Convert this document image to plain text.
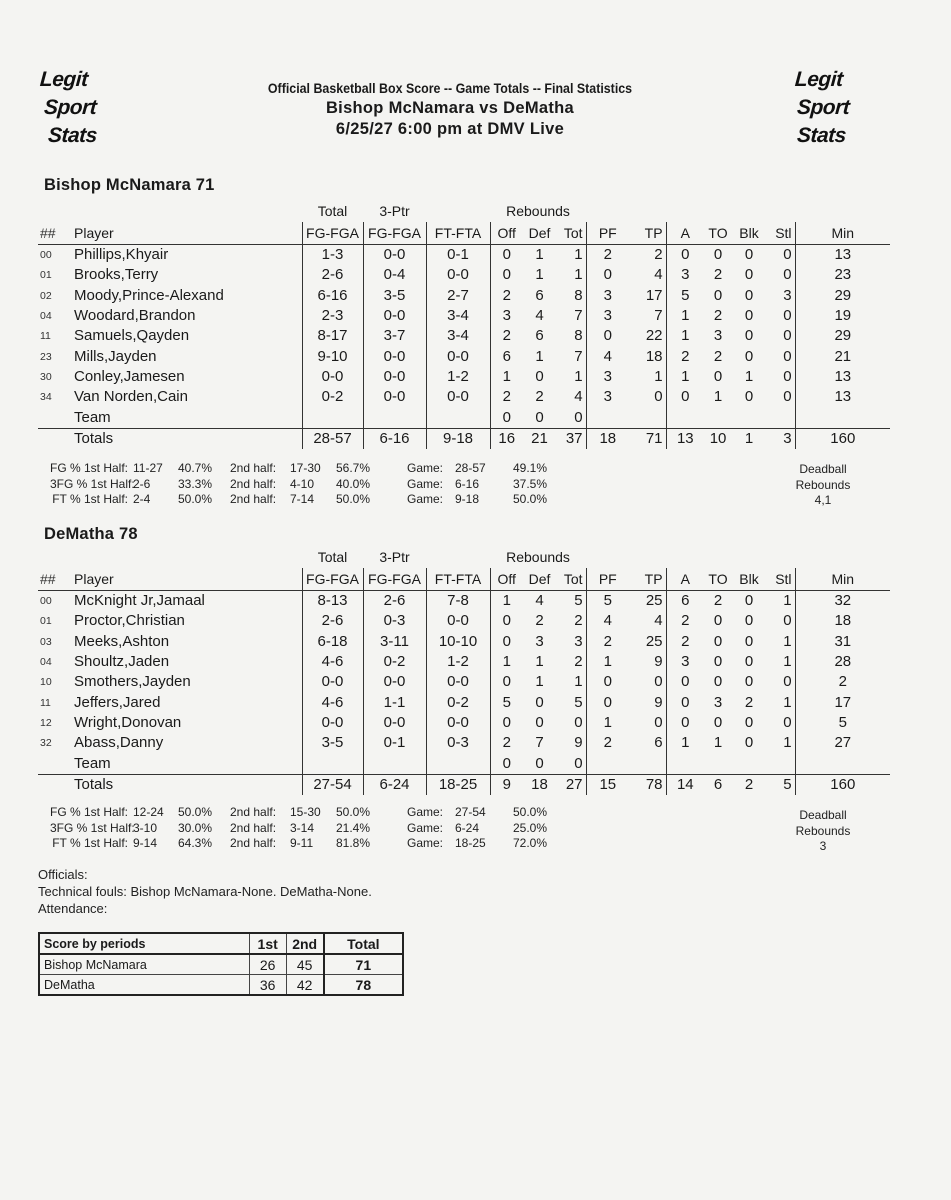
Legit
Sport
Stats
Legit
Sport
Stats
Official Basketball Box Score -- Game Totals -- Final Statistics
Bishop McNamara vs DeMatha
6/25/27 6:00 pm at DMV Live
Bishop McNamara 71
		Total	3-Ptr		Rebounds									
##	Player	FG-FGA	FG-FGA	FT-FTA	Off	Def	Tot	PF	TP	A	TO	Blk	Stl	Min
00	Phillips,Khyair	1-3	0-0	0-1	0	1	1	2	2	0	0	0	0	13
01	Brooks,Terry	2-6	0-4	0-0	0	1	1	0	4	3	2	0	0	23
02	Moody,Prince-Alexand	6-16	3-5	2-7	2	6	8	3	17	5	0	0	3	29
04	Woodard,Brandon	2-3	0-0	3-4	3	4	7	3	7	1	2	0	0	19
11	Samuels,Qayden	8-17	3-7	3-4	2	6	8	0	22	1	3	0	0	29
23	Mills,Jayden	9-10	0-0	0-0	6	1	7	4	18	2	2	0	0	21
30	Conley,Jamesen	0-0	0-0	1-2	1	0	1	3	1	1	0	1	0	13
34	Van Norden,Cain	0-2	0-0	0-0	2	2	4	3	0	0	1	0	0	13
	Team				0	0	0							
	Totals	28-57	6-16	9-18	16	21	37	18	71	13	10	1	3	160
FG % 1st Half: 11-27 40.7% 2nd half: 17-30 56.7%	Game: 28-57 49.1%
3FG % 1st Half:
2-6 33.3% 2nd half: 4-10 40.0%	Game: 6-16	37.5%
FT % 1st Half: 2-4 50.0% 2nd half: 7-14 50.0%	Game: 9-18	50.0%
Deadball
Rebounds
4,1
DeMatha 78
		Total	3-Ptr		Rebounds									
##	Player	FG-FGA	FG-FGA	FT-FTA	Off	Def	Tot	PF	TP	A	TO	Blk	Stl	Min
00	McKnight Jr,Jamaal	8-13	2-6	7-8	1	4	5	5	25	6	2	0	1	32
01	Proctor,Christian	2-6	0-3	0-0	0	2	2	4	4	2	0	0	0	18
03	Meeks,Ashton	6-18	3-11	10-10	0	3	3	2	25	2	0	0	1	31
04	Shoultz,Jaden	4-6	0-2	1-2	1	1	2	1	9	3	0	0	1	28
10	Smothers,Jayden	0-0	0-0	0-0	0	1	1	0	0	0	0	0	0	2
11	Jeffers,Jared	4-6	1-1	0-2	5	0	5	0	9	0	3	2	1	17
12	Wright,Donovan	0-0	0-0	0-0	0	0	0	1	0	0	0	0	0	5
32	Abass,Danny	3-5	0-1	0-3	2	7	9	2	6	1	1	0	1	27
	Team				0	0	0							
	Totals	27-54	6-24	18-25	9	18	27	15	78	14	6	2	5	160
FG % 1st Half: 12-24 50.0% 2nd half: 15-30 50.0%	Game: 27-54 50.0%
3FG % 1st Half:
3-10 30.0% 2nd half: 3-14 21.4%	Game: 6-24	25.0%
FT % 1st Half: 9-14 64.3% 2nd half: 9-11 81.8%	Game: 18-25 72.0%
Deadball
Rebounds
3
Officials:
Technical fouls: Bishop McNamara-None. DeMatha-None.
Attendance:
Score by periods	1st	2nd	Total
Bishop McNamara	26	45	71
DeMatha	36	42	78
